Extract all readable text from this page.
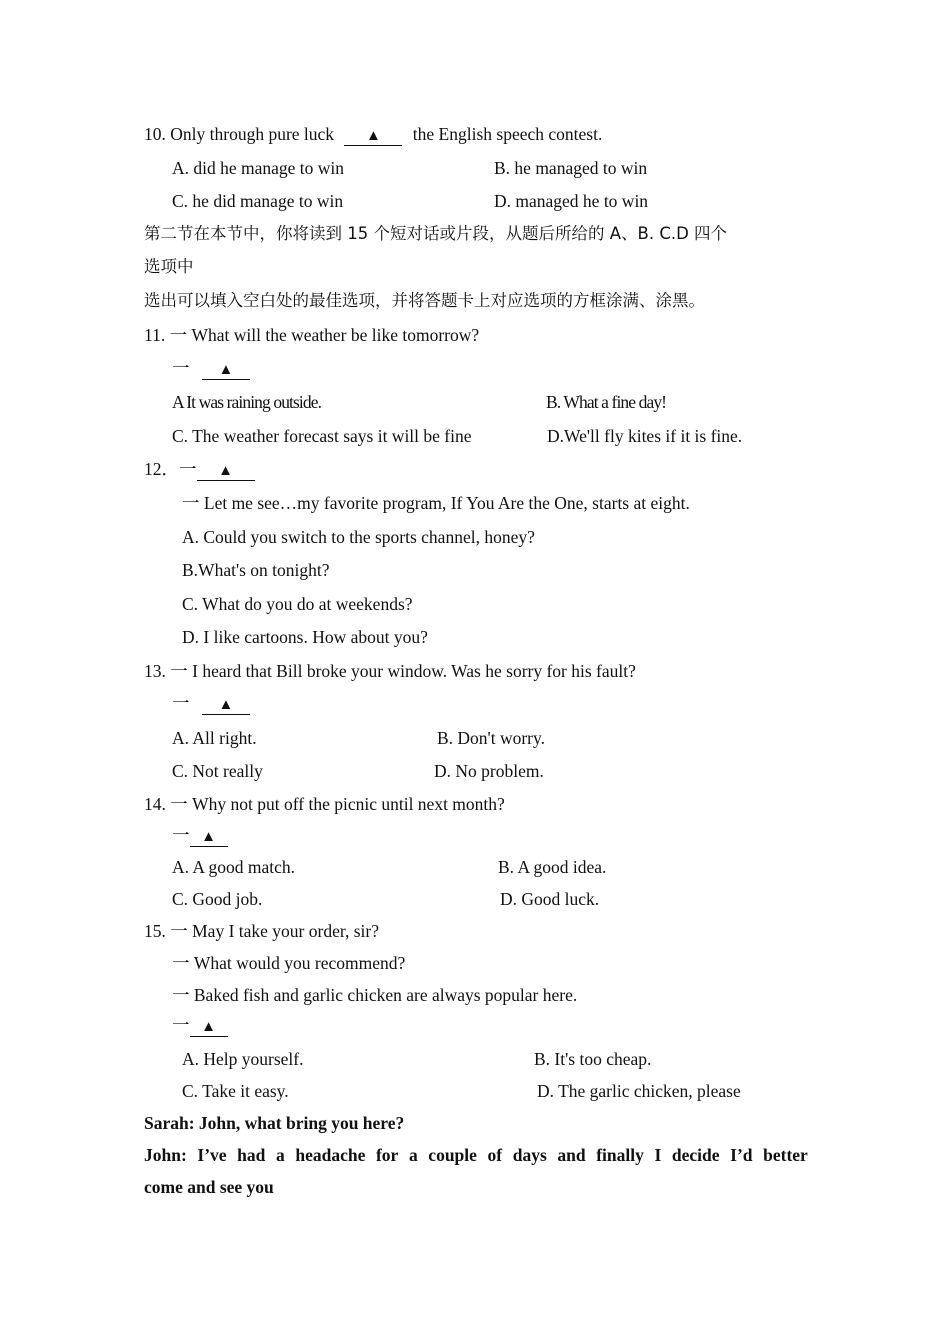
10. Only through pure luck ▲ the English speech contest.
A. did he manage to win	B. he managed to win
C. he did manage to win	D. managed he to win
第二节在本节中，你将读到 15 个短对话或片段，从题后所给的 A、B. C.D 四个
选项中
选出可以填入空白处的最佳选项，并将答题卡上对应选项的方框涂满、涂黑。
11. 一 What will the weather be like tomorrow?
一 ▲
A It was raining outside.	B. What a fine day!
C. The weather forecast says it will be fine	D.We'll fly kites if it is fine.
12．一 ▲
一 Let me see…my favorite program, If You Are the One, starts at eight.
A. Could you switch to the sports channel, honey?
B.What's on tonight?
C. What do you do at weekends?
D. I like cartoons. How about you?
13. 一 I heard that Bill broke your window. Was he sorry for his fault?
一 ▲
A. All right.	B. Don't worry.
C. Not really	D. No problem.
14. 一 Why not put off the picnic until next month?
一 ▲
A. A good match.	B. A good idea.
C. Good job.	D. Good luck.
15. 一 May I take your order, sir?
一 What would you recommend?
一 Baked fish and garlic chicken are always popular here.
一 ▲
A. Help yourself.	B. It's too cheap.
C. Take it easy.	D. The garlic chicken, please
Sarah: John, what bring you here?
John: I’ve had a headache for a couple of days and finally I decide I’d better
come and see you
